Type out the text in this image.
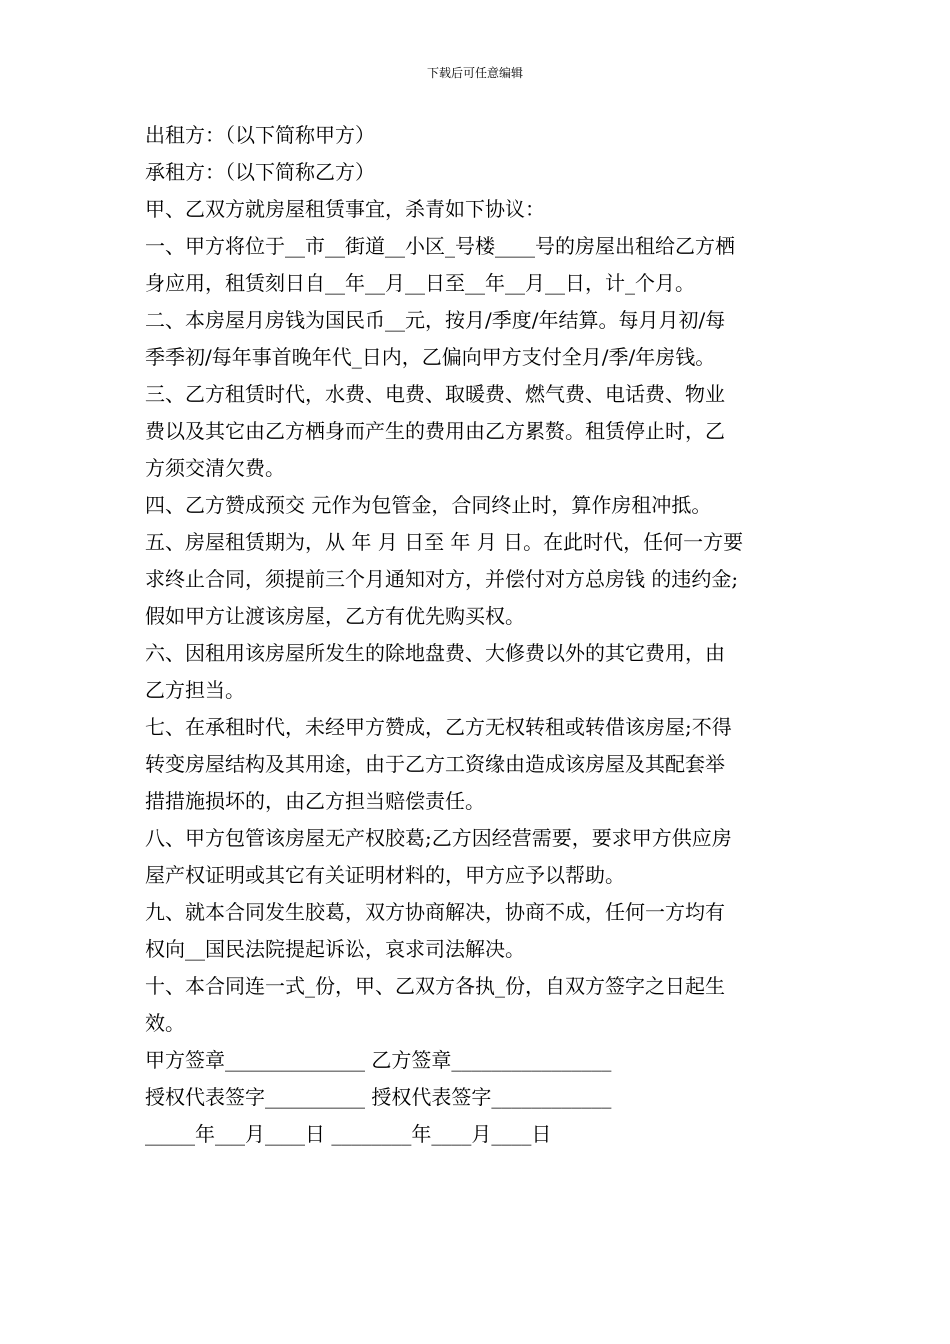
下载后可任意编辑

出租方：（以下简称甲方）

承租方：（以下简称乙方）

甲、乙双方就房屋租赁事宜，杀青如下协议：

一、甲方将位于__市__街道__小区_号楼____号的房屋出租给乙方栖

身应用，租赁刻日自__年__月__日至__年__月__日，计_个月。

二、本房屋月房钱为国民币__元，按月/季度/年结算。每月月初/每

季季初/每年事首晚年代_日内，乙偏向甲方支付全月/季/年房钱。

三、乙方租赁时代，水费、电费、取暖费、燃气费、电话费、物业

费以及其它由乙方栖身而产生的费用由乙方累赘。租赁停止时，乙

方须交清欠费。

四、乙方赞成预交 元作为包管金，合同终止时，算作房租冲抵。

五、房屋租赁期为，从 年 月 日至 年 月 日。在此时代，任何一方要

求终止合同，须提前三个月通知对方，并偿付对方总房钱 的违约金;

假如甲方让渡该房屋，乙方有优先购买权。

六、因租用该房屋所发生的除地盘费、大修费以外的其它费用，由

乙方担当。

七、在承租时代，未经甲方赞成，乙方无权转租或转借该房屋;不得

转变房屋结构及其用途，由于乙方工资缘由造成该房屋及其配套举

措措施损坏的，由乙方担当赔偿责任。

八、甲方包管该房屋无产权胶葛;乙方因经营需要，要求甲方供应房

屋产权证明或其它有关证明材料的，甲方应予以帮助。

九、就本合同发生胶葛，双方协商解决，协商不成，任何一方均有

权向__国民法院提起诉讼，哀求司法解决。

十、本合同连一式_份，甲、乙双方各执_份，自双方签字之日起生

效。

甲方签章______________ 乙方签章________________

授权代表签字__________ 授权代表签字____________

_____年___月____日 ________年____月____日
